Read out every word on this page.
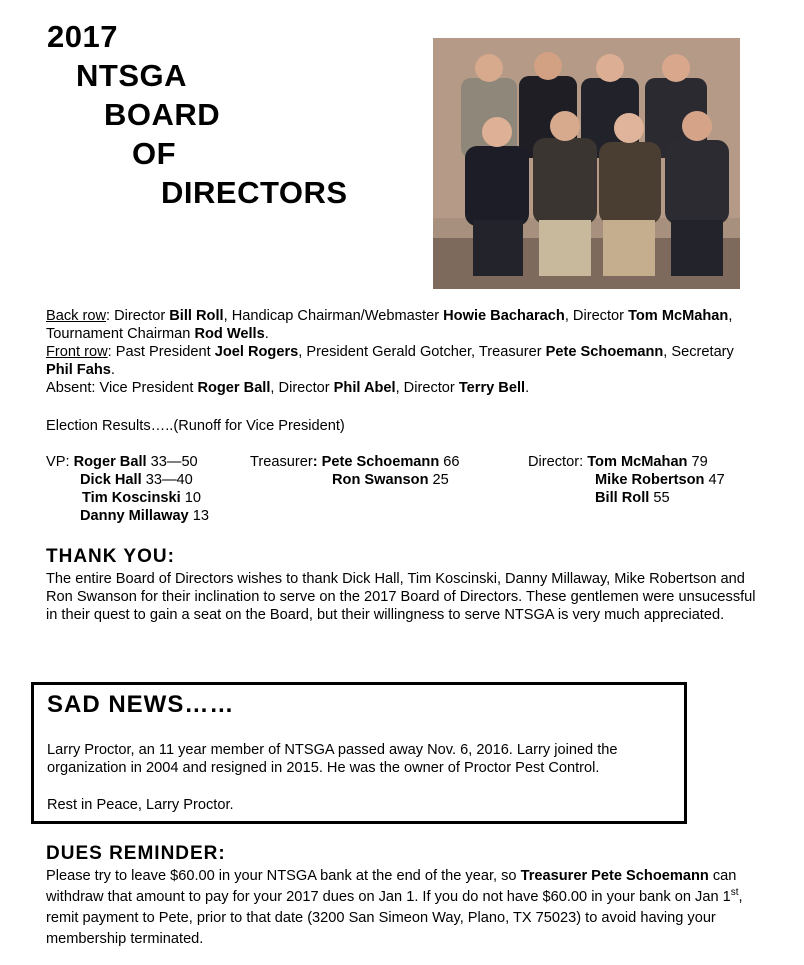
2017
NTSGA
BOARD
OF
DIRECTORS

Back row: Director Bill Roll, Handicap Chairman/Webmaster Howie Bacharach, Director Tom McMahan, Tournament Chairman Rod Wells.

Front row: Past President Joel Rogers, President Gerald Gotcher, Treasurer Pete Schoemann, Secretary Phil Fahs.

Absent: Vice President Roger Ball, Director Phil Abel, Director Terry Bell.

Election Results…..(Runoff for Vice President)
VP: Roger Ball 33—50
Dick Hall 33—40
Tim Koscinski 10
Danny Millaway 13
Treasurer: Pete Schoemann 66
Ron Swanson 25
Director: Tom McMahan 79
Mike Robertson 47
Bill Roll 55
THANK YOU:
The entire Board of Directors wishes to thank Dick Hall, Tim Koscinski, Danny Millaway, Mike Robertson and Ron Swanson for their inclination to serve on the 2017 Board of Directors. These gentlemen were unsucessful in their quest to gain a seat on the Board, but their willingness to serve NTSGA is very much appreciated.
SAD NEWS……
Larry Proctor, an 11 year member of NTSGA passed away Nov. 6, 2016. Larry joined the organization in 2004 and resigned in 2015. He was the owner of Proctor Pest Control.
Rest in Peace, Larry Proctor.
DUES REMINDER:
Please try to leave $60.00 in your NTSGA bank at the end of the year, so Treasurer Pete Schoemann can withdraw that amount to pay for your 2017 dues on Jan 1. If you do not have $60.00 in your bank on Jan 1st, remit payment to Pete, prior to that date (3200 San Simeon Way, Plano, TX 75023) to avoid having your membership terminated.
